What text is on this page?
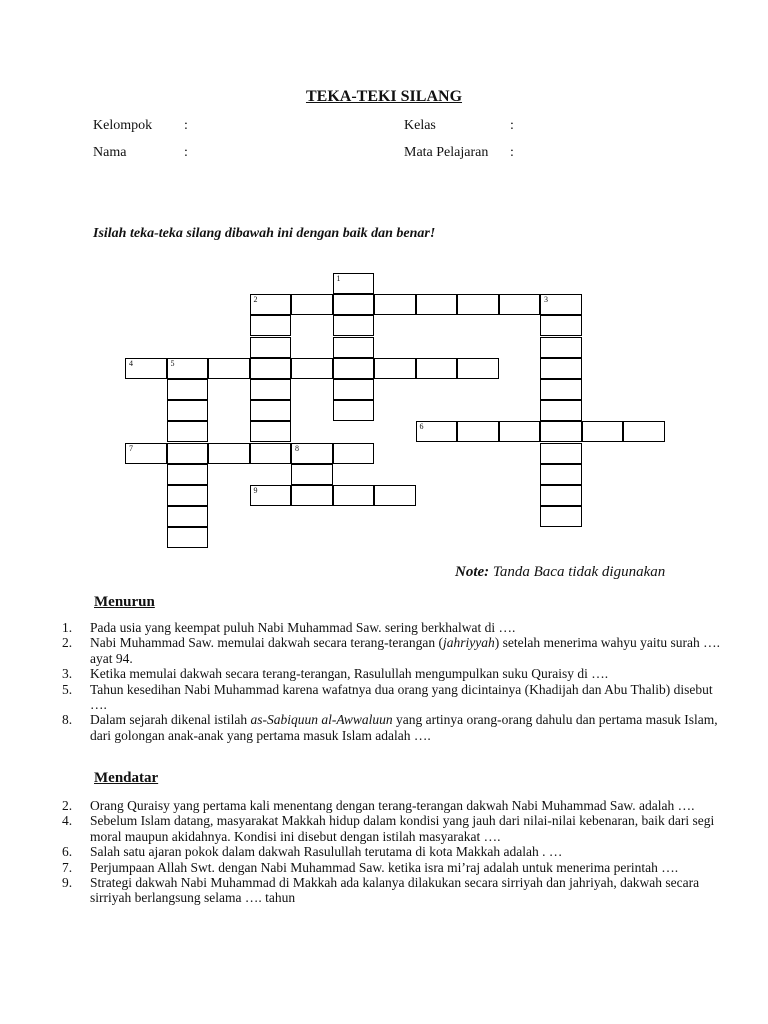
TEKA-TEKI SILANG
Kelompok :
Nama	:
Kelas	:
Mata Pelajaran :
Isilah teka-teka silang dibawah ini dengan baik dan benar!
2	3
4	5
6
7	8
9
1
Note: Tanda Baca tidak digunakan
Menurun
1. Pada usia yang keempat puluh Nabi Muhammad Saw. sering berkhalwat di ….
2. Nabi Muhammad Saw. memulai dakwah secara terang-terangan (jahriyyah) setelah menerima wahyu yaitu surah …. ayat 94.
3. Ketika memulai dakwah secara terang-terangan, Rasulullah mengumpulkan suku Quraisy di ….
5. Tahun kesedihan Nabi Muhammad karena wafatnya dua orang yang dicintainya (Khadijah dan Abu Thalib) disebut ….
8. Dalam sejarah dikenal istilah as-Sabiquun al-Awwaluun yang artinya orang-orang dahulu dan pertama masuk Islam, dari golongan anak-anak yang pertama masuk Islam adalah ….
Mendatar
2. Orang Quraisy yang pertama kali menentang dengan terang-terangan dakwah Nabi Muhammad Saw. adalah ….
4. Sebelum Islam datang, masyarakat Makkah hidup dalam kondisi yang jauh dari nilai-nilai kebenaran, baik dari segi moral maupun akidahnya. Kondisi ini disebut dengan istilah masyarakat ….
6. Salah satu ajaran pokok dalam dakwah Rasulullah terutama di kota Makkah adalah . …
7. Perjumpaan Allah Swt. dengan Nabi Muhammad Saw. ketika isra mi’raj adalah untuk menerima perintah ….
9. Strategi dakwah Nabi Muhammad di Makkah ada kalanya dilakukan secara sirriyah dan jahriyah, dakwah secara sirriyah berlangsung selama …. tahun
